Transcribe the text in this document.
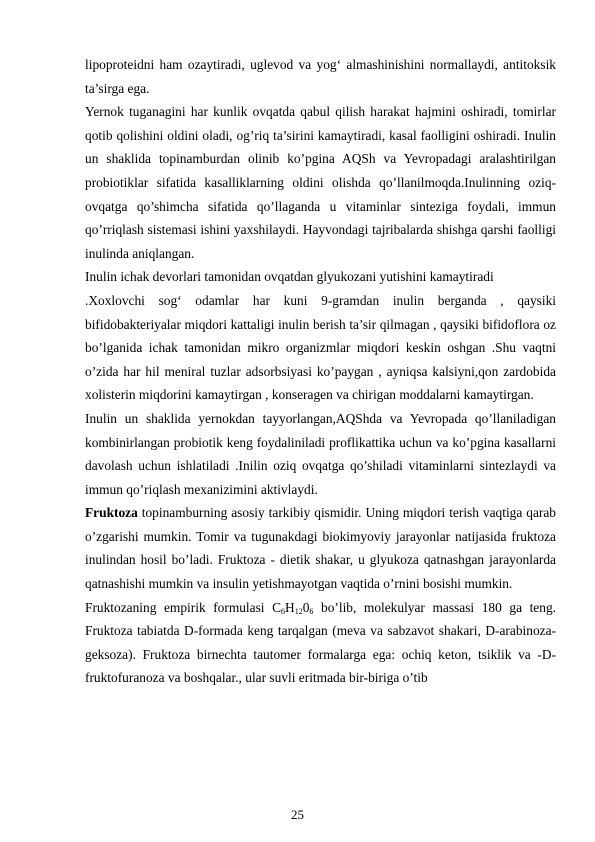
lipoproteidni ham ozaytiradi, uglevod va yog‘ almashinishini normallaydi, antitoksik ta’sirga ega.

Yernok tuganagini har kunlik ovqatda qabul qilish harakat hajmini oshiradi, tomirlar qotib qolishini oldini oladi, og’riq ta’sirini kamaytiradi, kasal faolligini oshiradi. Inulin un shaklida topinamburdan olinib ko’pgina AQSh va Yevropadagi aralashtirilgan probiotiklar sifatida kasalliklarning oldini olishda qo’llanilmoqda.Inulinning oziq-ovqatga qo’shimcha sifatida qo’llaganda u vitaminlar sinteziga foydali, immun qo’rriqlash sistemasi ishini yaxshilaydi. Hayvondagi tajribalarda shishga qarshi faolligi inulinda aniqlangan.

Inulin ichak devorlari tamonidan ovqatdan glyukozani yutishini kamaytiradi

.Xoxlovchi sog‘ odamlar har kuni 9-gramdan inulin berganda , qaysiki bifidobakteriyalar miqdori kattaligi inulin berish ta’sir qilmagan , qaysiki bifidoflora oz bo’lganida ichak tamonidan mikro organizmlar miqdori keskin oshgan .Shu vaqtni o’zida har hil meniral tuzlar adsorbsiyasi ko’paygan , ayniqsa kalsiyni,qon zardobida xolisterin miqdorini kamaytirgan , konseragen va chirigan moddalarni kamaytirgan.

Inulin un shaklida yernokdan tayyorlangan,AQShda va Yevropada qo’llaniladigan kombinirlangan probiotik keng foydaliniladi proflikattika uchun va ko’pgina kasallarni davolash uchun ishlatiladi .Inilin oziq ovqatga qo’shiladi vitaminlarni sintezlaydi va immun qo’riqlash mexanizimini aktivlaydi.

Fruktoza topinamburning asosiy tarkibiy qismidir. Uning miqdori terish vaqtiga qarab o’zgarishi mumkin. Tomir va tugunakdagi biokimyoviy jarayonlar natijasida fruktoza inulindan hosil bo’ladi. Fruktoza - dietik shakar, u glyukoza qatnashgan jarayonlarda qatnashishi mumkin va insulin yetishmayotgan vaqtida o’rnini bosishi mumkin.

Fruktozaning empirik formulasi $C_6H_{12}0_6$ bo’lib, molekulyar massasi 180 ga teng. Fruktoza tabiatda D-formada keng tarqalgan (meva va sabzavot shakari, D-arabinoza-geksoza). Fruktoza birnechta tautomer formalarga ega: ochiq keton, tsiklik va -D-fruktofuranoza va boshqalar., ular suvli eritmada bir-biriga o’tib

25
